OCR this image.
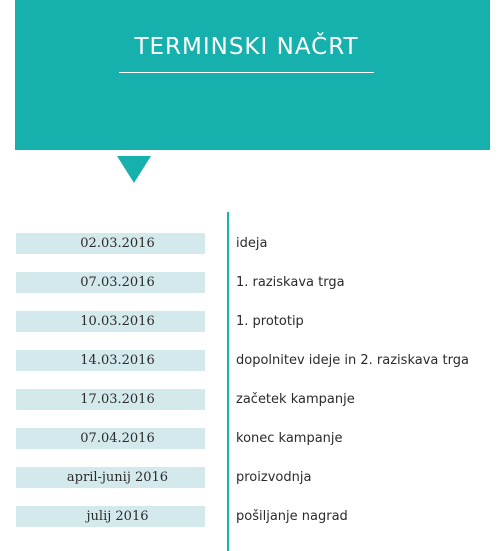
TERMINSKI NAČRT
02.03.2016	ideja
07.03.2016	1. raziskava trga
10.03.2016	1. prototip
14.03.2016	dopolnitev ideje in 2. raziskava trga
17.03.2016	začetek kampanje
07.04.2016	konec kampanje
april-junij 2016	proizvodnja
julij 2016	pošiljanje nagrad
